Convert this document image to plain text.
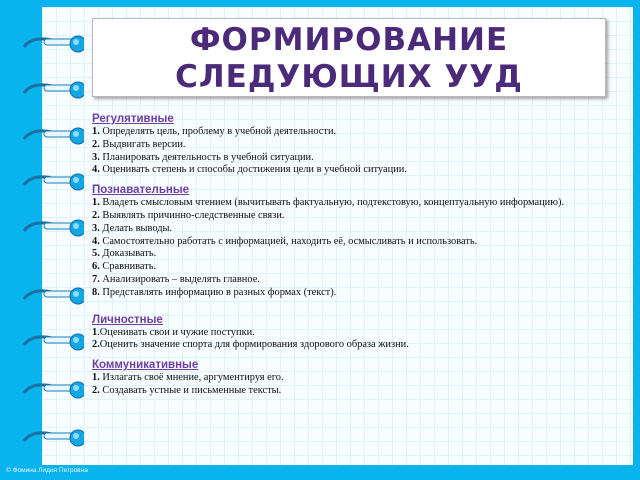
ФОРМИРОВАНИЕ
СЛЕДУЮЩИХ УУД
Регулятивные
1. Определять цель, проблему в учебной деятельности.
2. Выдвигать версии.
3. Планировать деятельность в учебной ситуации.
4. Оценивать степень и способы достижения цели в учебной ситуации.
Познавательные
1. Владеть смысловым чтением (вычитывать фактуальную, подтекстовую, концептуальную информацию).
2. Выявлять причинно-следственные связи.
3. Делать выводы.
4. Самостоятельно работать с информацией, находить её, осмысливать и использовать.
5. Доказывать.
6. Сравнивать.
7. Анализировать – выделять главное.
8. Представлять информацию в разных формах (текст).
Личностные
1.Оценивать свои и чужие поступки.
2.Оценить значение спорта для формирования здорового образа жизни.
Коммуникативные
1. Излагать своё мнение, аргументируя его.
2. Создавать устные и письменные тексты.
© Фомина Лидия Петровна
